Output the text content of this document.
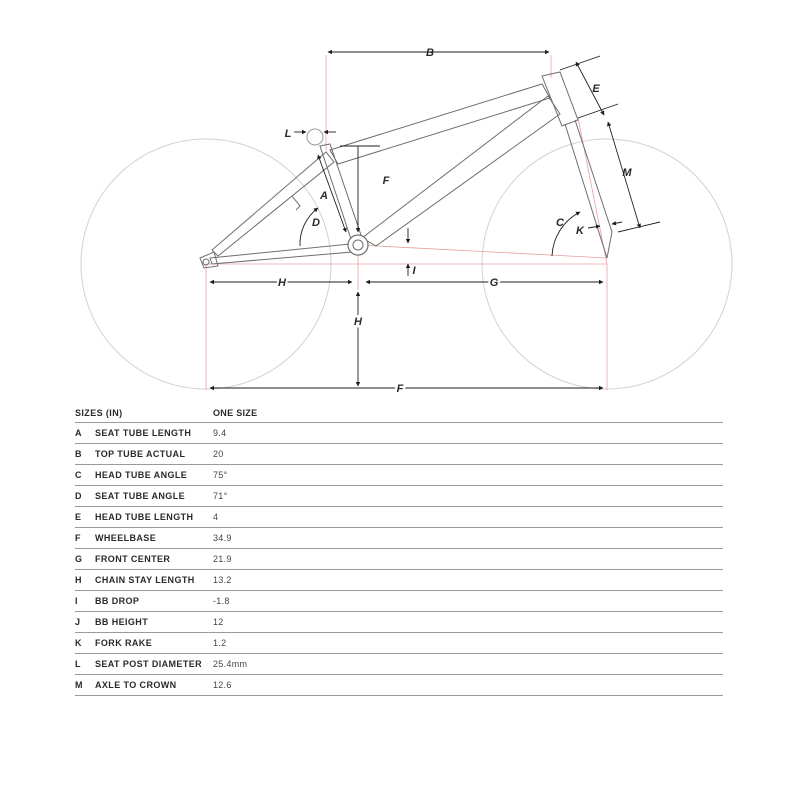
B
E
M
L
A
F
D	C
K
I
H	G
H
F
SIZES (IN)	ONE SIZE
A	SEAT TUBE LENGTH	9.4
B	TOP TUBE ACTUAL	20
C	HEAD TUBE ANGLE	75°
D	SEAT TUBE ANGLE	71°
E	HEAD TUBE LENGTH	4
F	WHEELBASE	34.9
G	FRONT CENTER	21.9
H	CHAIN STAY LENGTH	13.2
I	BB DROP	-1.8
J	BB HEIGHT	12
K	FORK RAKE	1.2
L	SEAT POST DIAMETER	25.4mm
M	AXLE TO CROWN	12.6
